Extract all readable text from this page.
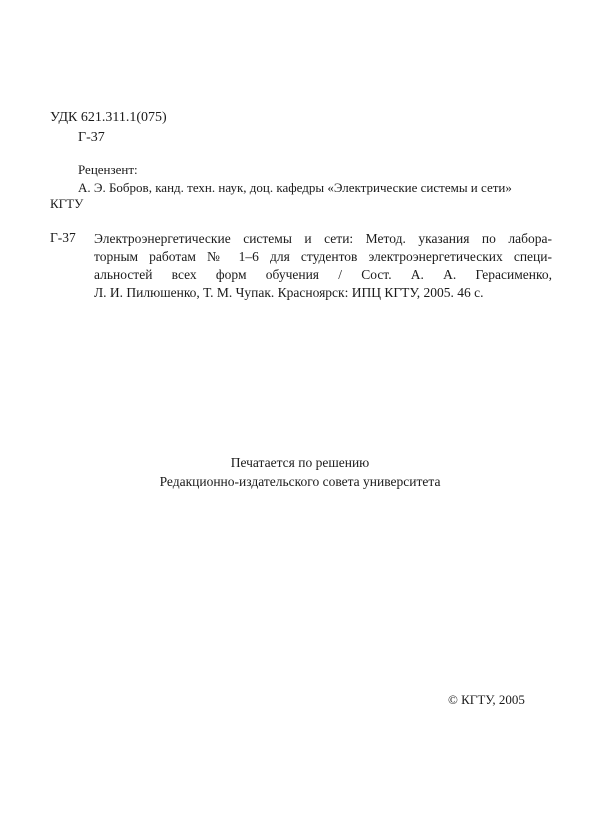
УДК 621.311.1(075)
Г-37
Рецензент:
А. Э. Бобров, канд. техн. наук, доц. кафедры «Электрические системы и сети»
КГТУ
Г-37 Электроэнергетические системы и сети: Метод. указания по лабора-
торным работам № 1–6 для студентов электроэнергетических специ-
альностей всех форм обучения / Сост. А. А. Герасименко,
Л. И. Пилюшенко, Т. М. Чупак. Красноярск: ИПЦ КГТУ, 2005. 46 с.
Печатается по решению
Редакционно-издательского совета университета
© КГТУ, 2005
